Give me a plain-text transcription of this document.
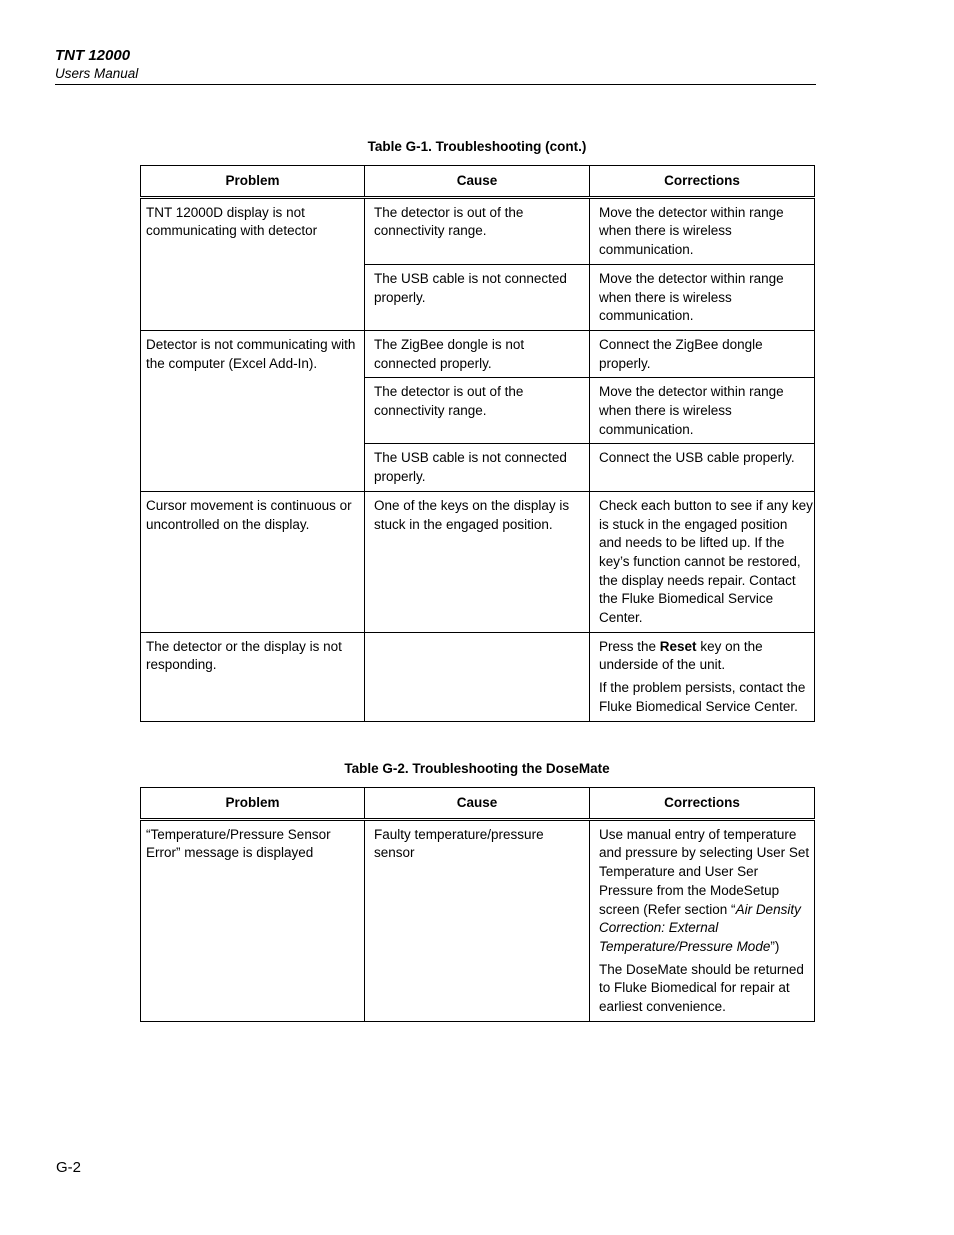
TNT 12000
Users Manual
Table G-1. Troubleshooting (cont.)
Problem	Cause	Corrections
TNT 12000D display is not communicating with detector	The detector is out of the connectivity range.	Move the detector within range when there is wireless communication.
	The USB cable is not connected properly.	Move the detector within range when there is wireless communication.
Detector is not communicating with the computer (Excel Add-In).	The ZigBee dongle is not connected properly.	Connect the ZigBee dongle properly.
	The detector is out of the connectivity range.	Move the detector within range when there is wireless communication.
	The USB cable is not connected properly.	Connect the USB cable properly.
Cursor movement is continuous or uncontrolled on the display.	One of the keys on the display is stuck in the engaged position.	Check each button to see if any key is stuck in the engaged position and needs to be lifted up. If the key’s function cannot be restored, the display needs repair. Contact the Fluke Biomedical Service Center.
The detector or the display is not responding.		Press the Reset key on the underside of the unit.
If the problem persists, contact the Fluke Biomedical Service Center.
Table G-2. Troubleshooting the DoseMate
Problem	Cause	Corrections
“Temperature/Pressure Sensor Error” message is displayed	Faulty temperature/pressure sensor	Use manual entry of temperature and pressure by selecting User Set Temperature and User Ser Pressure from the ModeSetup screen (Refer section “Air Density Correction: External Temperature/Pressure Mode”)
The DoseMate should be returned to Fluke Biomedical for repair at earliest convenience.
G-2
